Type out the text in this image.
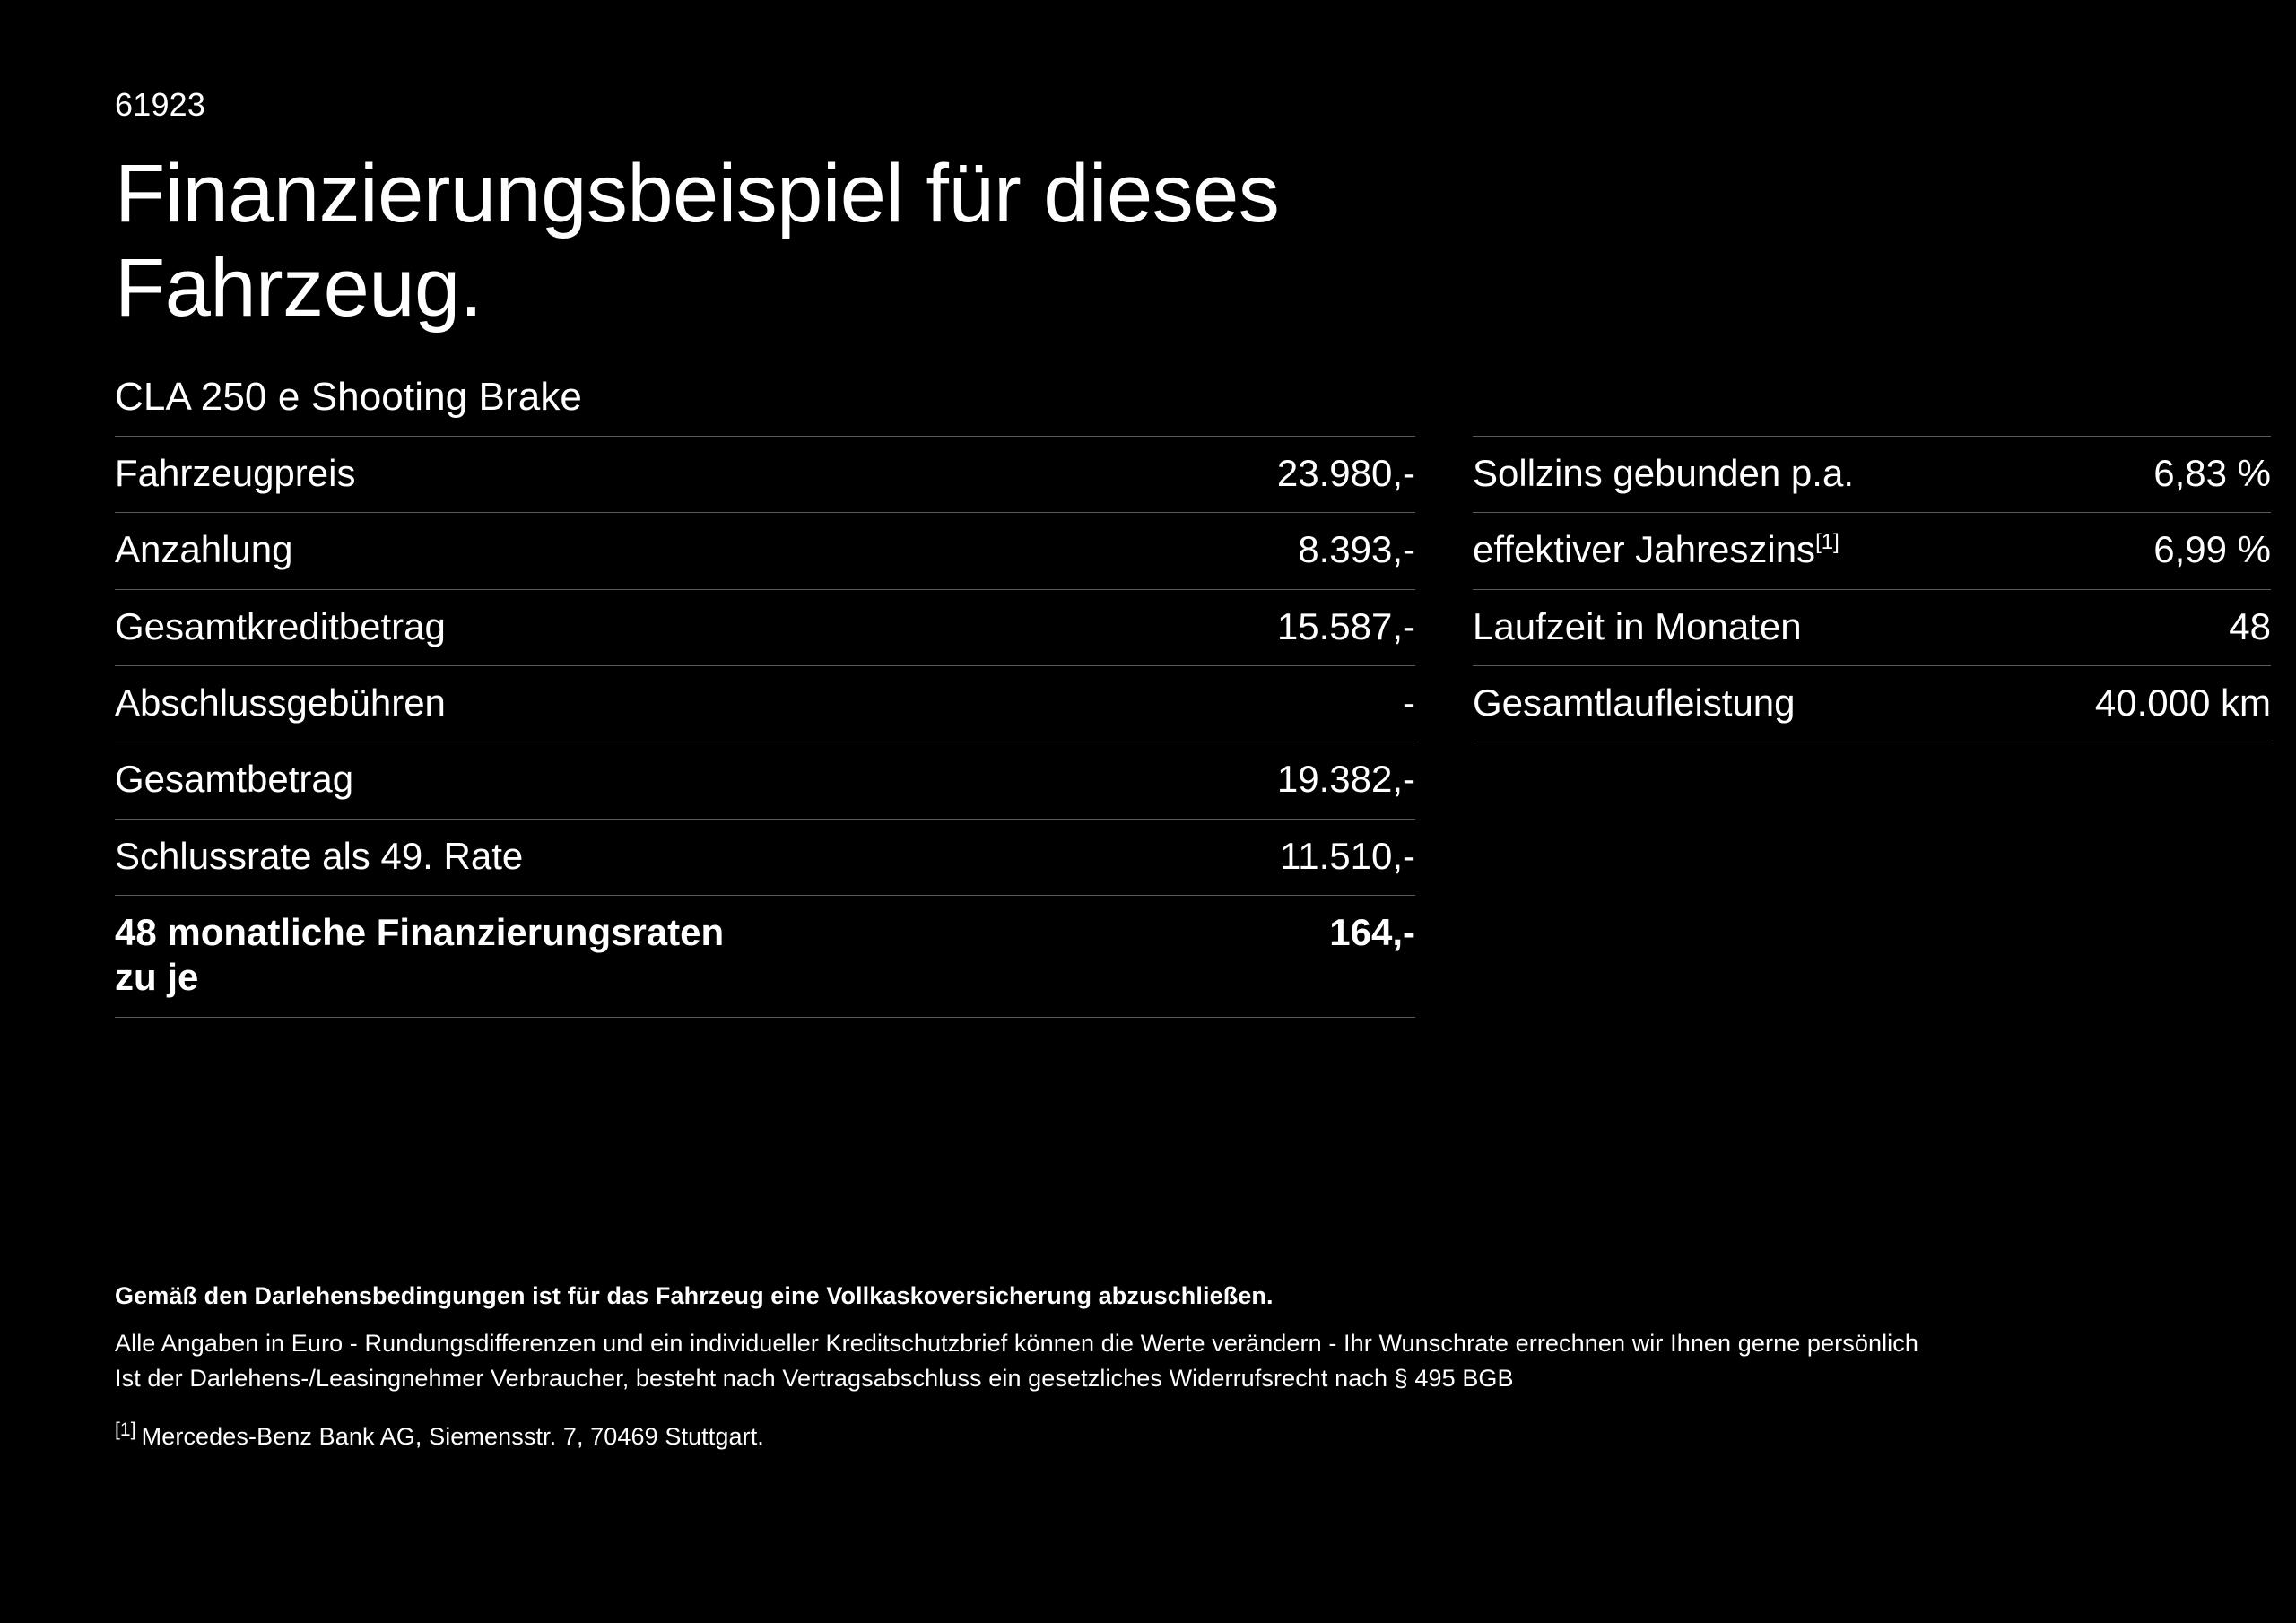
61923
Finanzierungsbeispiel für dieses Fahrzeug.
CLA 250 e Shooting Brake
Fahrzeugpreis	23.980,-
Anzahlung	8.393,-
Gesamtkreditbetrag	15.587,-
Abschlussgebühren	-
Gesamtbetrag	19.382,-
Schlussrate als 49. Rate	11.510,-
48 monatliche Finanzierungsraten zu je	164,-
Sollzins gebunden p.a.	6,83 %
effektiver Jahreszins[1]	6,99 %
Laufzeit in Monaten	48
Gesamtlaufleistung	40.000 km

Gemäß den Darlehensbedingungen ist für das Fahrzeug eine Vollkaskoversicherung abzuschließen.

Alle Angaben in Euro - Rundungsdifferenzen und ein individueller Kreditschutzbrief können die Werte verändern - Ihr Wunschrate errechnen wir Ihnen gerne persönlich

Ist der Darlehens-/Leasingnehmer Verbraucher, besteht nach Vertragsabschluss ein gesetzliches Widerrufsrecht nach § 495 BGB

[1] Mercedes-Benz Bank AG, Siemensstr. 7, 70469 Stuttgart.
